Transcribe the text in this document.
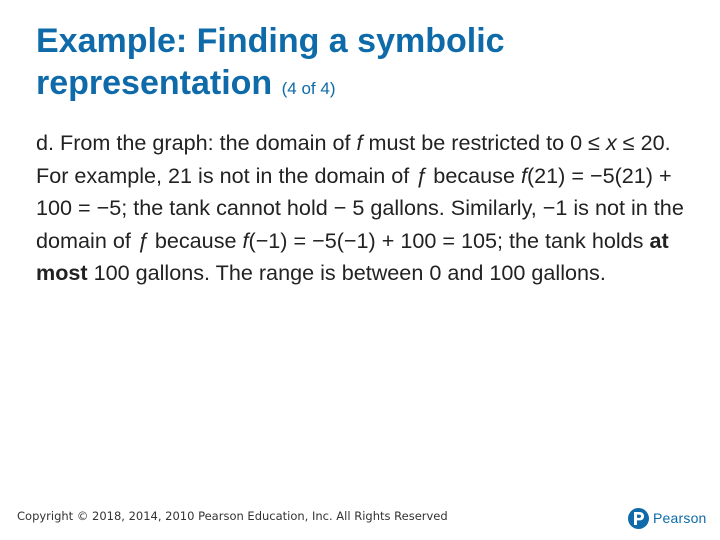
Example: Finding a symbolic representation (4 of 4)

d. From the graph: the domain of f must be restricted to 0 ≤ x ≤ 20. For example, 21 is not in the domain of ƒ because f(21) = −5(21) + 100 = −5; the tank cannot hold − 5 gallons. Similarly, −1 is not in the domain of ƒ because f(−1) = −5(−1) + 100 = 105; the tank holds at most 100 gallons. The range is between 0 and 100 gallons.

Copyright © 2018, 2014, 2010 Pearson Education, Inc. All Rights Reserved	Pearson
